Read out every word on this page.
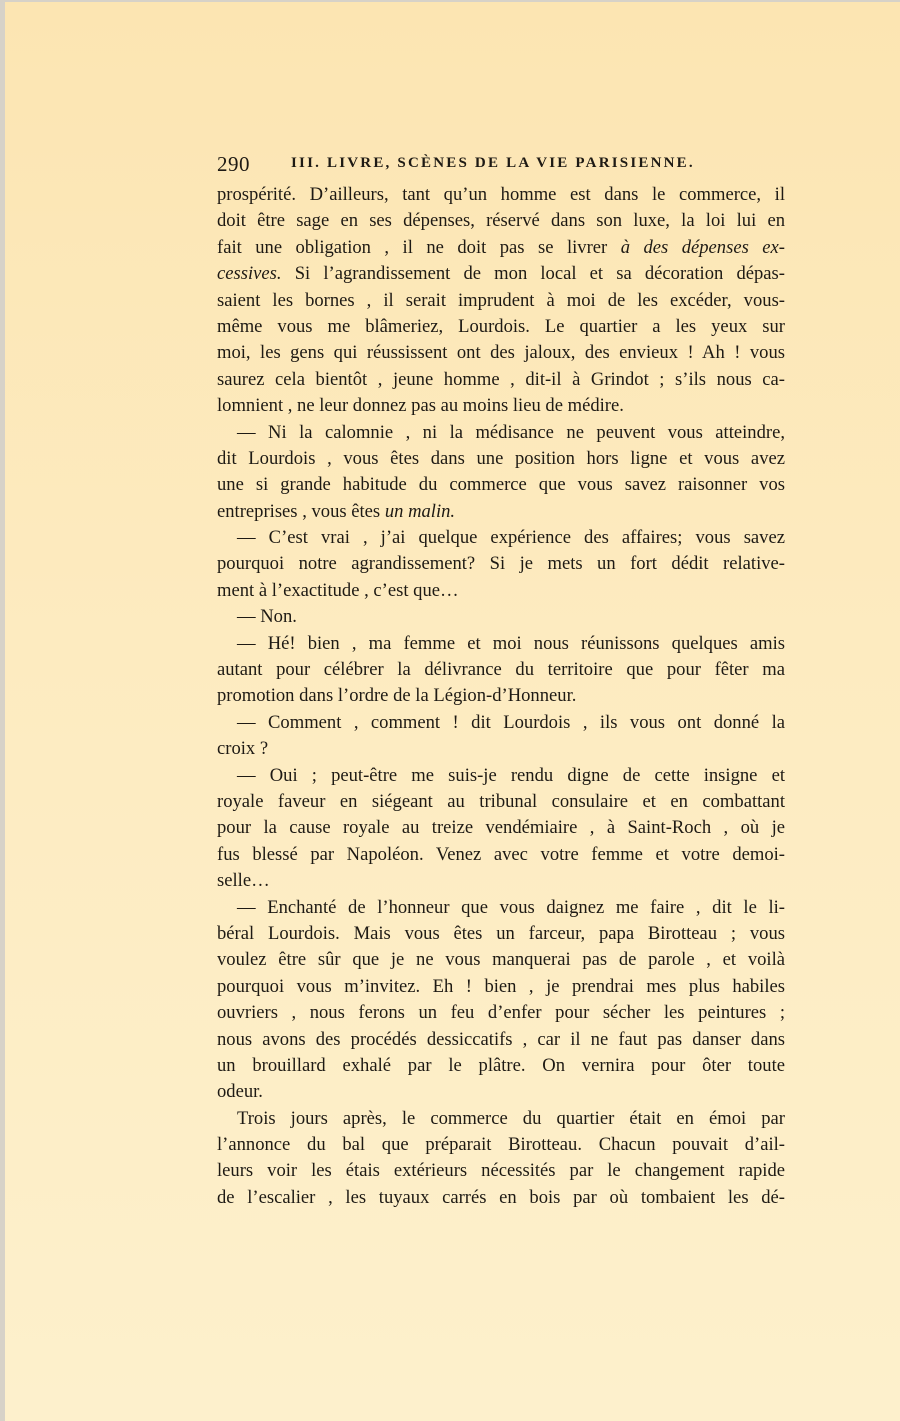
290	III. LIVRE, SCÈNES DE LA VIE PARISIENNE.
prospérité. D’ailleurs, tant qu’un homme est dans le commerce, il
doit être sage en ses dépenses, réservé dans son luxe, la loi lui en
fait une obligation , il ne doit pas se livrer à des dépenses ex-
cessives. Si l’agrandissement de mon local et sa décoration dépas-
saient les bornes , il serait imprudent à moi de les excéder, vous-
même vous me blâmeriez, Lourdois. Le quartier a les yeux sur
moi, les gens qui réussissent ont des jaloux, des envieux ! Ah ! vous
saurez cela bientôt , jeune homme , dit-il à Grindot ; s’ils nous ca-
lomnient , ne leur donnez pas au moins lieu de médire.
— Ni la calomnie , ni la médisance ne peuvent vous atteindre,
dit Lourdois , vous êtes dans une position hors ligne et vous avez
une si grande habitude du commerce que vous savez raisonner vos
entreprises , vous êtes un malin.
— C’est vrai , j’ai quelque expérience des affaires; vous savez
pourquoi notre agrandissement? Si je mets un fort dédit relative-
ment à l’exactitude , c’est que…
— Non.
— Hé! bien , ma femme et moi nous réunissons quelques amis
autant pour célébrer la délivrance du territoire que pour fêter ma
promotion dans l’ordre de la Légion-d’Honneur.
— Comment , comment ! dit Lourdois , ils vous ont donné la
croix ?
— Oui ; peut-être me suis-je rendu digne de cette insigne et
royale faveur en siégeant au tribunal consulaire et en combattant
pour la cause royale au treize vendémiaire , à Saint-Roch , où je
fus blessé par Napoléon. Venez avec votre femme et votre demoi-
selle…
— Enchanté de l’honneur que vous daignez me faire , dit le li-
béral Lourdois. Mais vous êtes un farceur, papa Birotteau ; vous
voulez être sûr que je ne vous manquerai pas de parole , et voilà
pourquoi vous m’invitez. Eh ! bien , je prendrai mes plus habiles
ouvriers , nous ferons un feu d’enfer pour sécher les peintures ;
nous avons des procédés dessiccatifs , car il ne faut pas danser dans
un brouillard exhalé par le plâtre. On vernira pour ôter toute
odeur.
Trois jours après, le commerce du quartier était en émoi par
l’annonce du bal que préparait Birotteau. Chacun pouvait d’ail-
leurs voir les étais extérieurs nécessités par le changement rapide
de l’escalier , les tuyaux carrés en bois par où tombaient les dé-
